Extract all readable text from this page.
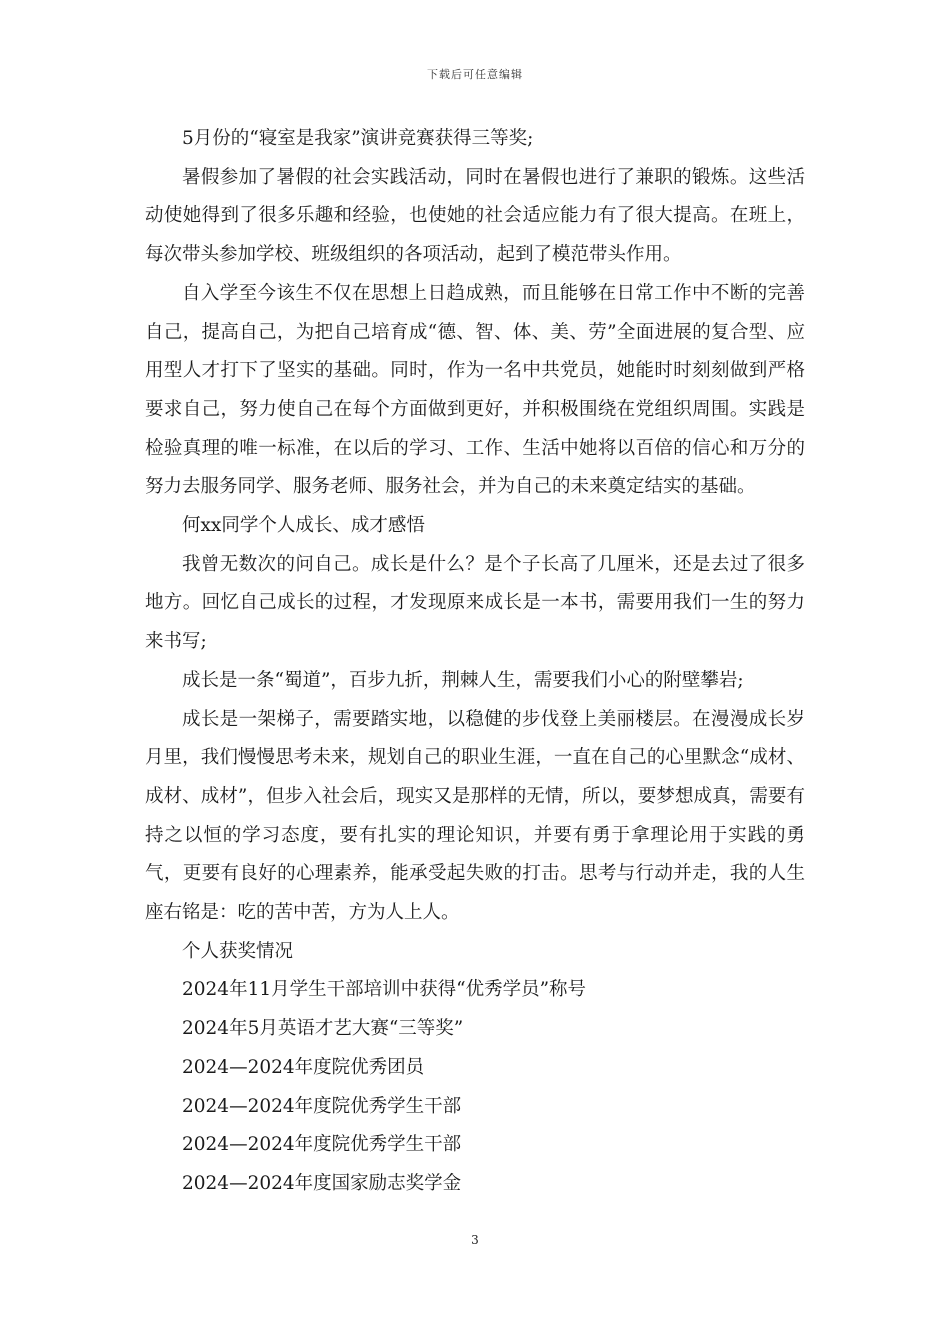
下载后可任意编辑

5月份的“寝室是我家”演讲竞赛获得三等奖;

暑假参加了暑假的社会实践活动，同时在暑假也进行了兼职的锻炼。这些活动使她得到了很多乐趣和经验，也使她的社会适应能力有了很大提高。在班上，每次带头参加学校、班级组织的各项活动，起到了模范带头作用。

自入学至今该生不仅在思想上日趋成熟，而且能够在日常工作中不断的完善自己，提高自己，为把自己培育成“德、智、体、美、劳”全面进展的复合型、应用型人才打下了坚实的基础。同时，作为一名中共党员，她能时时刻刻做到严格要求自己，努力使自己在每个方面做到更好，并积极围绕在党组织周围。实践是检验真理的唯一标准，在以后的学习、工作、生活中她将以百倍的信心和万分的努力去服务同学、服务老师、服务社会，并为自己的未来奠定结实的基础。

何xx同学个人成长、成才感悟

我曾无数次的问自己。成长是什么？是个子长高了几厘米，还是去过了很多地方。回忆自己成长的过程，才发现原来成长是一本书，需要用我们一生的努力来书写;

成长是一条“蜀道”，百步九折，荆棘人生，需要我们小心的附壁攀岩;

成长是一架梯子，需要踏实地，以稳健的步伐登上美丽楼层。在漫漫成长岁月里，我们慢慢思考未来，规划自己的职业生涯，一直在自己的心里默念“成材、成材、成材”，但步入社会后，现实又是那样的无情，所以，要梦想成真，需要有持之以恒的学习态度，要有扎实的理论知识，并要有勇于拿理论用于实践的勇气，更要有良好的心理素养，能承受起失败的打击。思考与行动并走，我的人生座右铭是：吃的苦中苦，方为人上人。

个人获奖情况

2024年11月学生干部培训中获得“优秀学员”称号

2024年5月英语才艺大赛“三等奖”

2024—2024年度院优秀团员

2024—2024年度院优秀学生干部

2024—2024年度院优秀学生干部

2024—2024年度国家励志奖学金

3
